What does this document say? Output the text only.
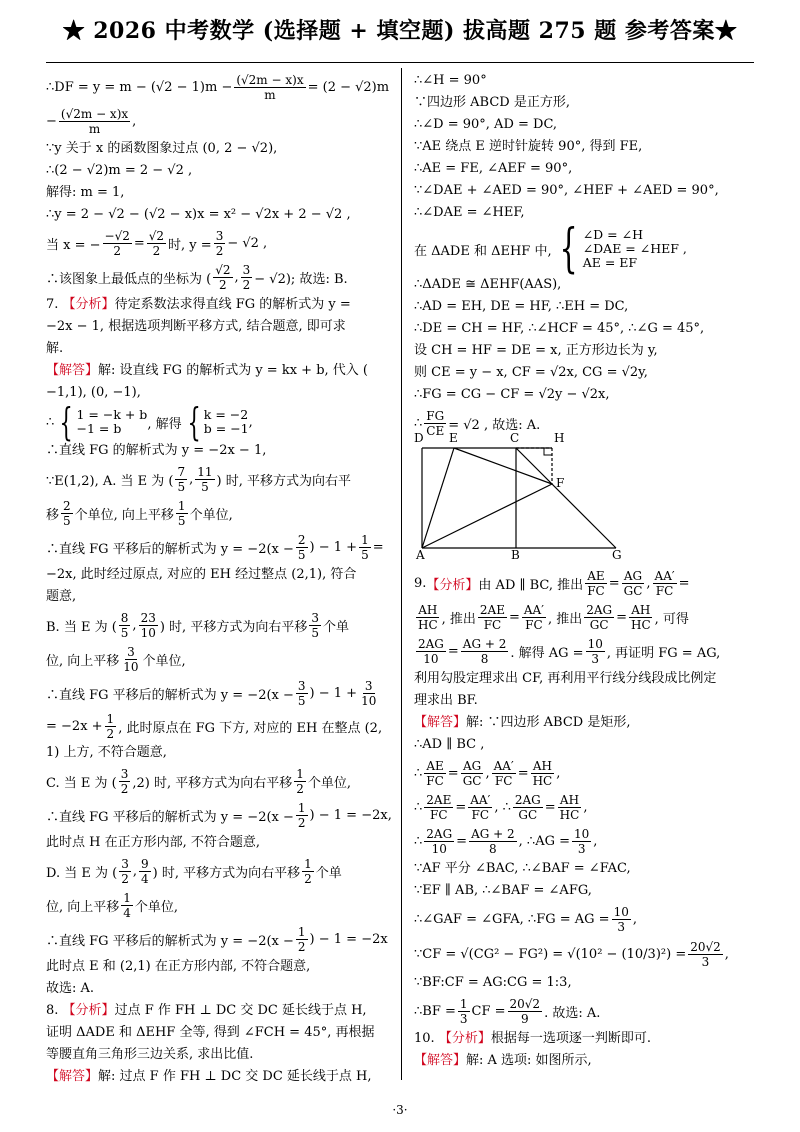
★ 2026 中考数学 (选择题 + 填空题) 拔高题 275 题 参考答案★
∴DF = $y = m - (√2 - 1)m - \frac{(√2m - x)x}{m} = (2 - √2)m$
− $\frac{(√2m - x)x}{m}$ ,
∵y 关于 x 的函数图象过点 (0, 2 − √2),
∴(2 − √2)m = 2 − √2 ,
解得: m = 1,
∴y = 2 − √2 − (√2 − x)x = x² − √2x + 2 − √2 ,
当 x = − $\frac{-√2}{2} = \frac{√2}{2}$ 时, $y = \frac{3}{2} - √2$ ,
∴该图象上最低点的坐标为 ( $\frac{√2}{2}$ , $\frac{3}{2} - √2$); 故选: B.
7. 【分析】待定系数法求得直线 FG 的解析式为 y =
−2x − 1, 根据选项判断平移方式, 结合题意, 即可求
解.
【解答】解: 设直线 FG 的解析式为 y = kx + b, 代入 (
−1,1), (0, −1),
∴ { 1 = −k + b
−1 = b	, 解得 { k = −2
b = −1 ,
∴直线 FG 的解析式为 y = −2x − 1,
∵E(1,2), A. 当 E 为 ( $\frac{7}{5}$ , $\frac{11}{5}$ ) 时, 平移方式为向右平
移 $\frac{2}{5}$ 个单位, 向上平移 $\frac{1}{5}$ 个单位,
∴直线 FG 平移后的解析式为 $y = -2(x - \frac{2}{5}$ ) − $1 + \frac{1}{5}$ =
−2x, 此时经过原点, 对应的 EH 经过整点 (2,1), 符合
题意,
B. 当 E 为 ( $\frac{8}{5}$ , $\frac{23}{10}$ ) 时, 平移方式为向右平移 $\frac{3}{5}$ 个单
位, 向上平移 $\frac{3}{10}$ 个单位,
∴直线 FG 平移后的解析式为 $y = -2(x - \frac{3}{5}$ ) − $1 + \frac{3}{10}$
= $-2x + \frac{1}{2}$ , 此时原点在 FG 下方, 对应的 EH 在整点 (2,
1) 上方, 不符合题意,
C. 当 E 为 ( $\frac{3}{2} ,2$) 时, 平移方式为向右平移 $\frac{1}{2}$ 个单位,
∴直线 FG 平移后的解析式为 $y = -2(x - \frac{1}{2}$ ) − 1 = −2x,
此时点 H 在正方形内部, 不符合题意,
D. 当 E 为 ( $\frac{3}{2}$ , $\frac{9}{4}$ ) 时, 平移方式为向右平移 $\frac{1}{2}$ 个单
位, 向上平移 $\frac{1}{4}$ 个单位,
∴直线 FG 平移后的解析式为 $y = -2(x - \frac{1}{2}$ ) − 1 = −2x
此时点 E 和 (2,1) 在正方形内部, 不符合题意,
故选: A.
8. 【分析】过点 F 作 FH ⊥ DC 交 DC 延长线于点 H,
证明 ΔADE 和 ΔEHF 全等, 得到 ∠FCH = 45°, 再根据
等腰直角三角形三边关系, 求出比值.
【解答】解: 过点 F 作 FH ⊥ DC 交 DC 延长线于点 H,
∴∠H = 90°
∵四边形 ABCD 是正方形,
∴∠D = 90°, AD = DC,
∵AE 绕点 E 逆时针旋转 90°, 得到 FE,
∴AE = FE, ∠AEF = 90°,
∵∠DAE + ∠AED = 90°, ∠HEF + ∠AED = 90°,
∴∠DAE = ∠HEF,
在 ΔADE 和 ΔEHF 中, { ∠D = ∠H
∠DAE = ∠HEF ,
AE = EF
∴ΔADE ≅ ΔEHF(AAS),
∴AD = EH, DE = HF, ∴EH = DC,
∴DE = CH = HF, ∴∠HCF = 45°, ∴∠G = 45°,
设 CH = HF = DE = x, 正方形边长为 y,
则 CE = y − x, CF = √2x, CG = √2y,
∴FG = CG − CF = √2y − √2x,
∴ $\frac{FG}{CE} = √2$ , 故选: A.
D E	C	H
F
A	B	G
9. 【分析】 由 AD ∥ BC, 推出 $\frac{AE}{FC} = \frac{AG}{GC}$ , $\frac{AA'}{FC}$ =
$\frac{AH}{HC}$ , 推出 $\frac{2AE}{FC} = \frac{AA'}{FC}$ , 推出 $\frac{2AG}{GC} = \frac{AH}{HC}$ , 可得
$\frac{2AG}{10} = \frac{AG + 2}{8}$ . 解得 AG = $\frac{10}{3}$ , 再证明 FG = AG,
利用勾股定理求出 CF, 再利用平行线分线段成比例定
理求出 BF.
【解答】解: ∵四边形 ABCD 是矩形,
∴AD ∥ BC ,
∴ $\frac{AE}{FC} = \frac{AG}{GC}$ , $\frac{AA'}{FC} = \frac{AH}{HC}$ ,
∴ $\frac{2AE}{FC} = \frac{AA'}{FC}$ , ∴ $\frac{2AG}{GC} = \frac{AH}{HC}$ ,
∴ $\frac{2AG}{10} = \frac{AG + 2}{8}$ , ∴AG = $\frac{10}{3}$ ,
∵AF 平分 ∠BAC, ∴∠BAF = ∠FAC,
∵EF ∥ AB, ∴∠BAF = ∠AFG,
∴∠GAF = ∠GFA, ∴FG = AG = $\frac{10}{3}$ ,
∵CF = $√(CG^2 - FG^2) = √(10^2 - (10/3)^2) = \frac{20√2}{3}$ ,
∵BF:CF = AG:CG = 1:3,
∴BF = $\frac{1}{3}$ CF = $\frac{20√2}{9}$ . 故选: A.
10. 【分析】根据每一选项逐一判断即可.
【解答】解: A 选项: 如图所示,
·3·
